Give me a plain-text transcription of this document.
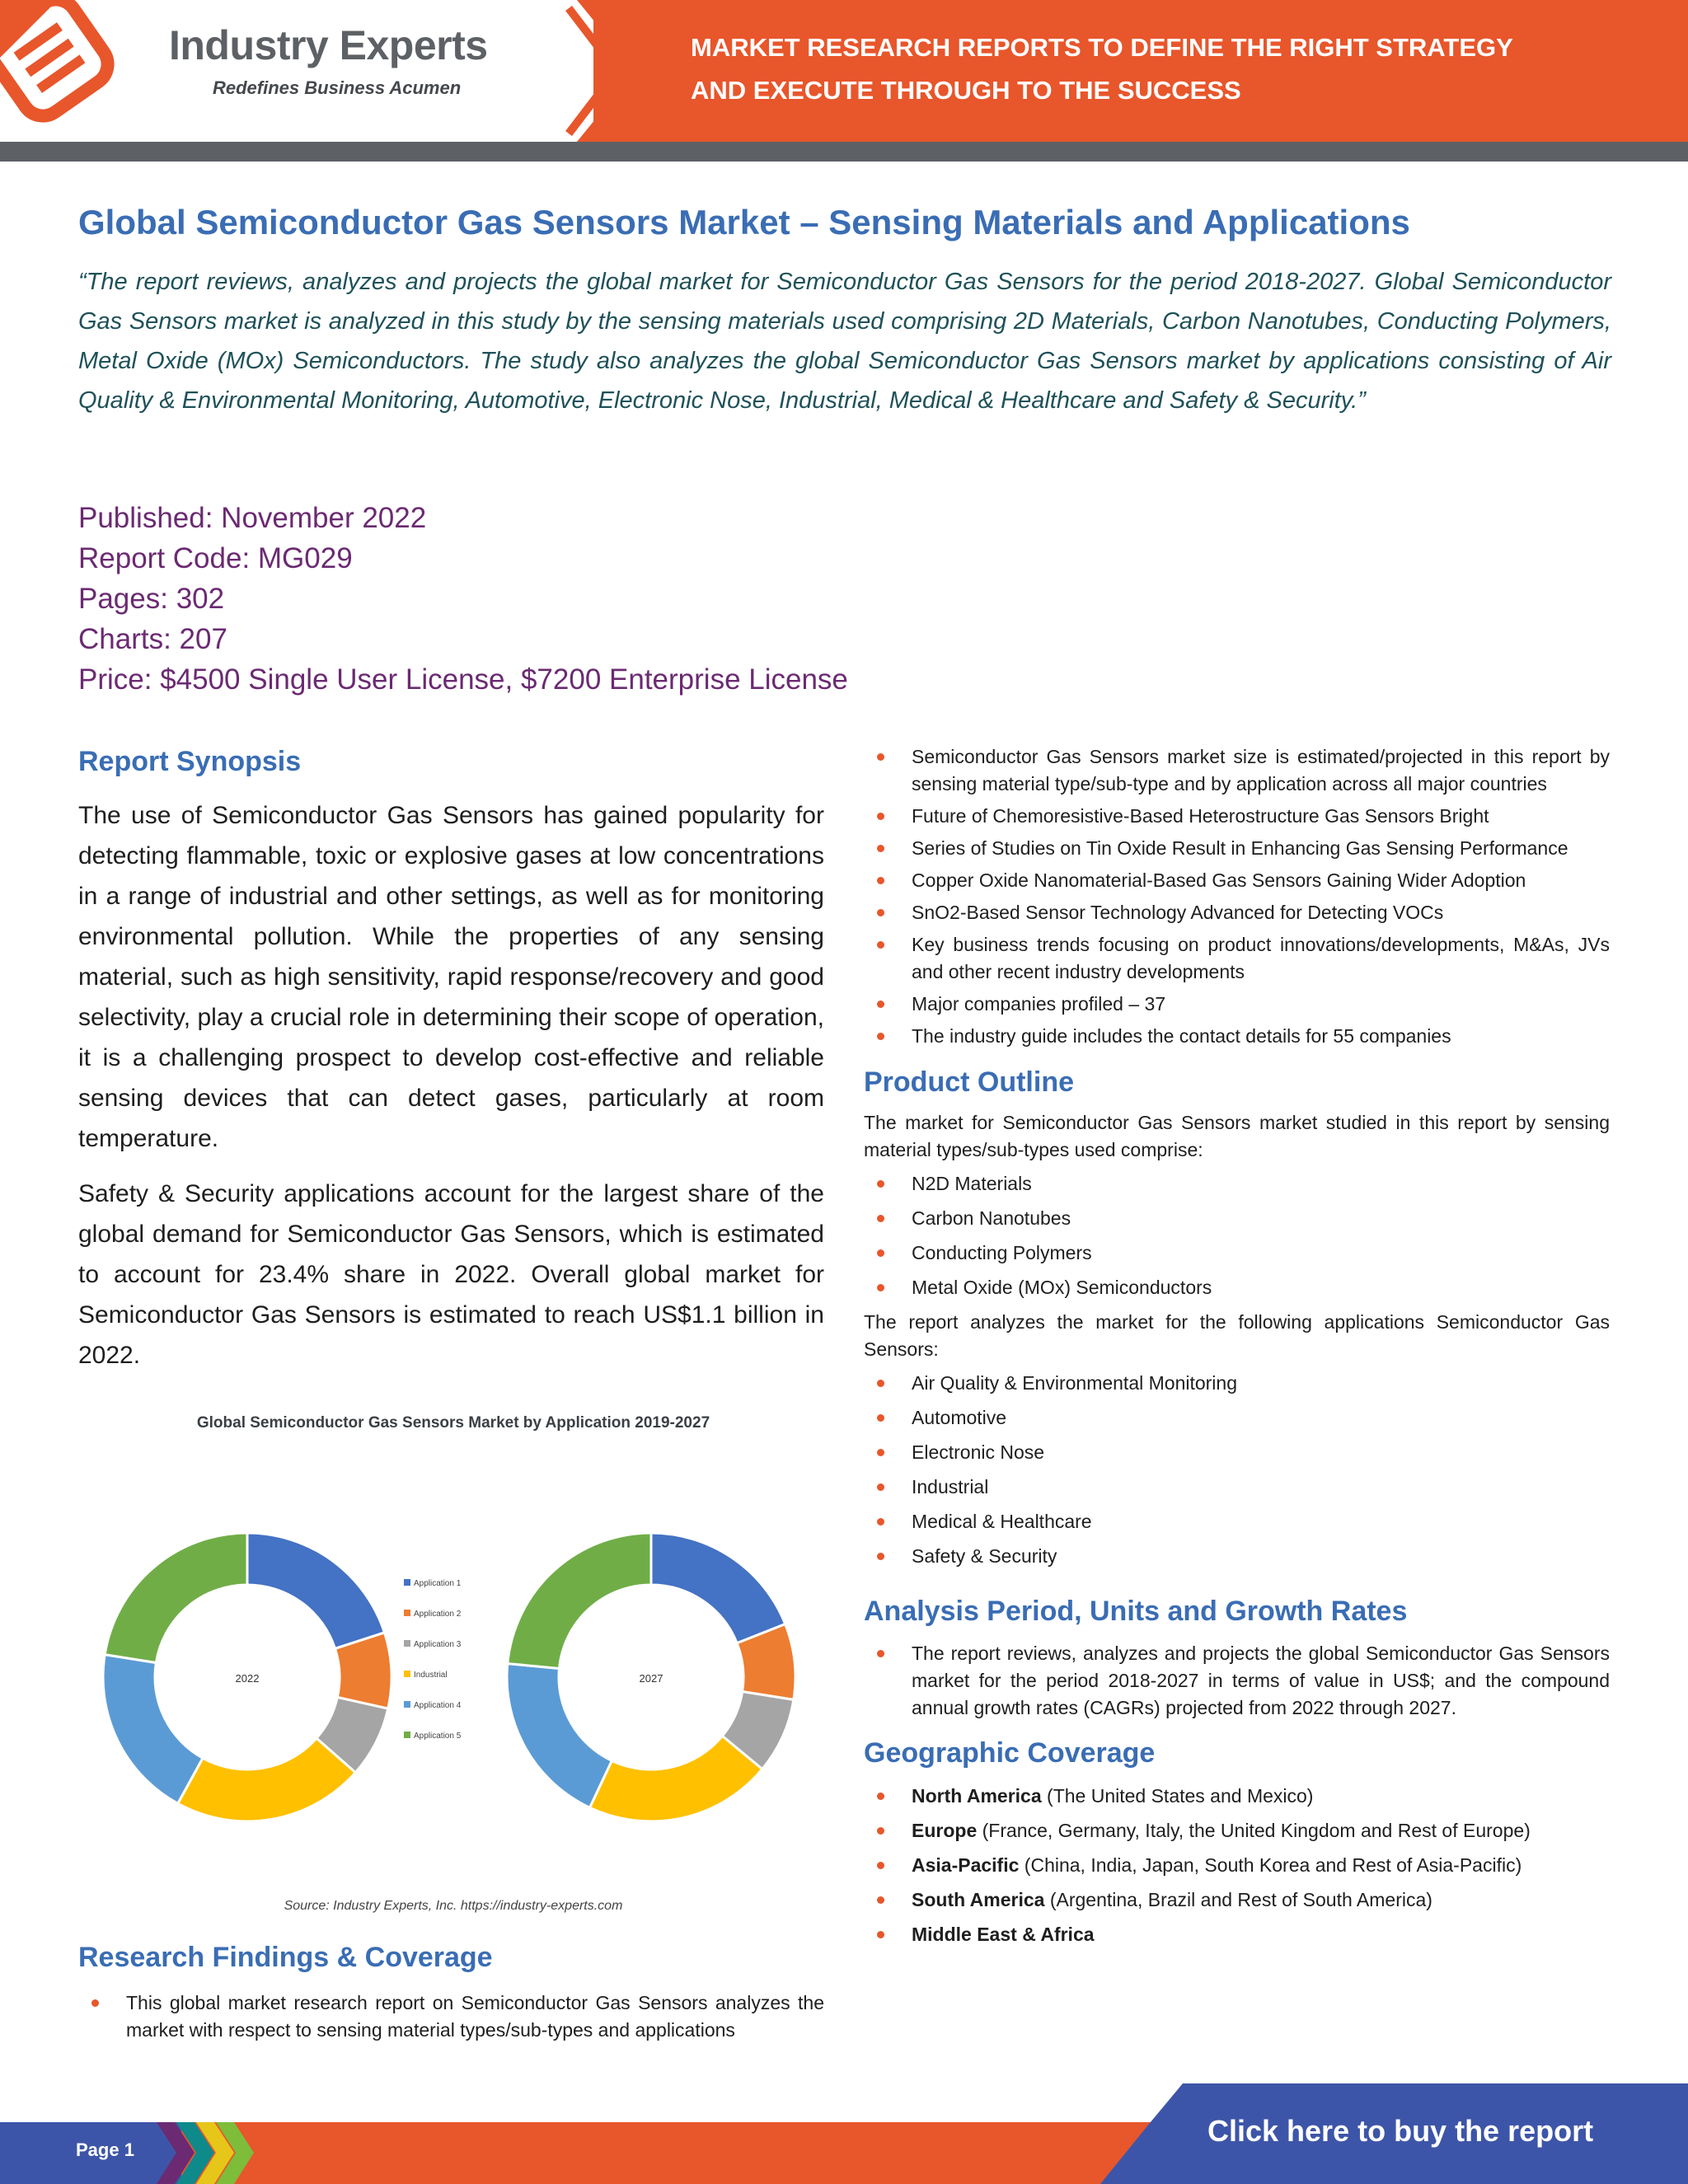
Industry Experts
Redefines Business Acumen
MARKET RESEARCH REPORTS TO DEFINE THE RIGHT STRATEGY
AND EXECUTE THROUGH TO THE SUCCESS
Global Semiconductor Gas Sensors Market – Sensing Materials and Applications
“The report reviews, analyzes and projects the global market for Semiconductor Gas Sensors for the period 2018-2027. Global Semiconductor Gas Sensors market is analyzed in this study by the sensing materials used comprising 2D Materials, Carbon Nanotubes, Conducting Polymers, Metal Oxide (MOx) Semiconductors. The study also analyzes the global Semiconductor Gas Sensors market by applications consisting of Air Quality & Environmental Monitoring, Automotive, Electronic Nose, Industrial, Medical & Healthcare and Safety & Security.”
Published: November 2022
Report Code: MG029
Pages: 302
Charts: 207
Price: $4500 Single User License, $7200 Enterprise License
Report Synopsis

The use of Semiconductor Gas Sensors has gained popularity for detecting flammable, toxic or explosive gases at low concentrations in a range of industrial and other settings, as well as for monitoring environmental pollution. While the properties of any sensing material, such as high sensitivity, rapid response/recovery and good selectivity, play a crucial role in determining their scope of operation, it is a challenging prospect to develop cost-effective and reliable sensing devices that can detect gases, particularly at room temperature.

Safety & Security applications account for the largest share of the global demand for Semiconductor Gas Sensors, which is estimated to account for 23.4% share in 2022. Overall global market for Semiconductor Gas Sensors is estimated to reach US$1.1 billion in 2022.

Global Semiconductor Gas Sensors Market by Application 2019-2027
2022	2027
Application 1
Application 2
Application 3
Industrial
Application 4
Application 5
Source: Industry Experts, Inc. https://industry-experts.com
Research Findings & Coverage
This global market research report on Semiconductor Gas Sensors analyzes the market with respect to sensing material types/sub-types and applications
Semiconductor Gas Sensors market size is estimated/projected in this report by sensing material type/sub-type and by application across all major countries
Future of Chemoresistive-Based Heterostructure Gas Sensors Bright
Series of Studies on Tin Oxide Result in Enhancing Gas Sensing Performance
Copper Oxide Nanomaterial-Based Gas Sensors Gaining Wider Adoption
SnO2-Based Sensor Technology Advanced for Detecting VOCs
Key business trends focusing on product innovations/developments, M&As, JVs and other recent industry developments
Major companies profiled – 37
The industry guide includes the contact details for 55 companies
Product Outline

The market for Semiconductor Gas Sensors market studied in this report by sensing material types/sub-types used comprise:

N2D Materials
Carbon Nanotubes
Conducting Polymers
Metal Oxide (MOx) Semiconductors

The report analyzes the market for the following applications Semiconductor Gas Sensors:

Air Quality & Environmental Monitoring
Automotive
Electronic Nose
Industrial
Medical & Healthcare
Safety & Security
Analysis Period, Units and Growth Rates
The report reviews, analyzes and projects the global Semiconductor Gas Sensors market for the period 2018-2027 in terms of value in US$; and the compound annual growth rates (CAGRs) projected from 2022 through 2027.
Geographic Coverage
North America (The United States and Mexico)
Europe (France, Germany, Italy, the United Kingdom and Rest of Europe)
Asia-Pacific (China, India, Japan, South Korea and Rest of Asia-Pacific)
South America (Argentina, Brazil and Rest of South America)
Middle East & Africa
Page 1
Click here to buy the report
